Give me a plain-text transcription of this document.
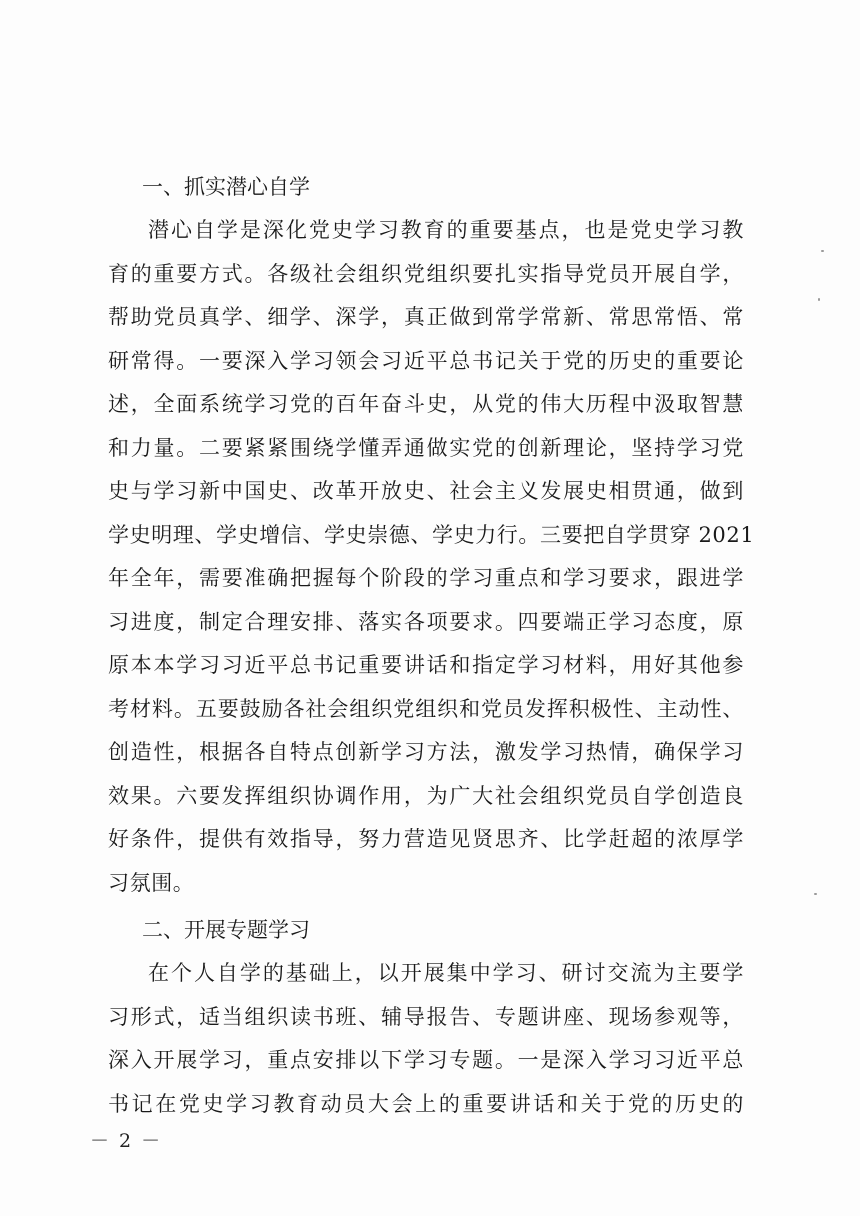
一、抓实潜心自学
潜心自学是深化党史学习教育的重要基点，也是党史学习教
育的重要方式。各级社会组织党组织要扎实指导党员开展自学，
帮助党员真学、细学、深学，真正做到常学常新、常思常悟、常
研常得。一要深入学习领会习近平总书记关于党的历史的重要论
述，全面系统学习党的百年奋斗史，从党的伟大历程中汲取智慧
和力量。二要紧紧围绕学懂弄通做实党的创新理论，坚持学习党
史与学习新中国史、改革开放史、社会主义发展史相贯通，做到
学史明理、学史增信、学史崇德、学史力行。三要把自学贯穿 2021
年全年，需要准确把握每个阶段的学习重点和学习要求，跟进学
习进度，制定合理安排、落实各项要求。四要端正学习态度，原
原本本学习习近平总书记重要讲话和指定学习材料，用好其他参
考材料。五要鼓励各社会组织党组织和党员发挥积极性、主动性、
创造性，根据各自特点创新学习方法，激发学习热情，确保学习
效果。六要发挥组织协调作用，为广大社会组织党员自学创造良
好条件，提供有效指导，努力营造见贤思齐、比学赶超的浓厚学
习氛围。
二、开展专题学习
在个人自学的基础上，以开展集中学习、研讨交流为主要学
习形式，适当组织读书班、辅导报告、专题讲座、现场参观等，
深入开展学习，重点安排以下学习专题。一是深入学习习近平总
书记在党史学习教育动员大会上的重要讲话和关于党的历史的
－ 2 －
